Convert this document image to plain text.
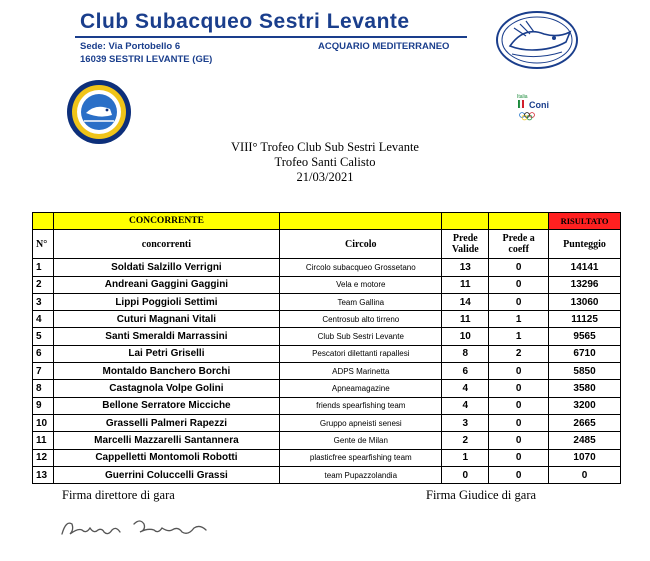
Club Subacqueo Sestri Levante
Sede: Via Portobello 6
16039 SESTRI LEVANTE (GE)
ACQUARIO MEDITERRANEO
Italia
Coni
VIII° Trofeo Club Sub Sestri Levante
Trofeo Santi Calisto
21/03/2021
	CONCORRENTE				RISULTATO
N°	concorrenti	Circolo	Prede Valide	Prede a coeff	Punteggio
1	Soldati Salzillo Verrigni	Circolo subacqueo Grossetano	13	0	14141
2	Andreani Gaggini Gaggini	Vela e motore	11	0	13296
3	Lippi Poggioli Settimi	Team Gallina	14	0	13060
4	Cuturi Magnani Vitali	Centrosub alto tirreno	11	1	11125
5	Santi Smeraldi Marrassini	Club Sub Sestri Levante	10	1	9565
6	Lai Petri Griselli	Pescatori dilettanti rapallesi	8	2	6710
7	Montaldo Banchero Borchi	ADPS Marinetta	6	0	5850
8	Castagnola Volpe Golini	Apneamagazine	4	0	3580
9	Bellone Serratore Micciche	friends spearfishing team	4	0	3200
10	Grasselli Palmeri Rapezzi	Gruppo apneisti senesi	3	0	2665
11	Marcelli Mazzarelli Santannera	Gente de Milan	2	0	2485
12	Cappelletti Montomoli Robotti	plasticfree spearfishing team	1	0	1070
13	Guerrini Coluccelli Grassi	team Pupazzolandia	0	0	0
Firma direttore di gara	Firma Giudice di gara
